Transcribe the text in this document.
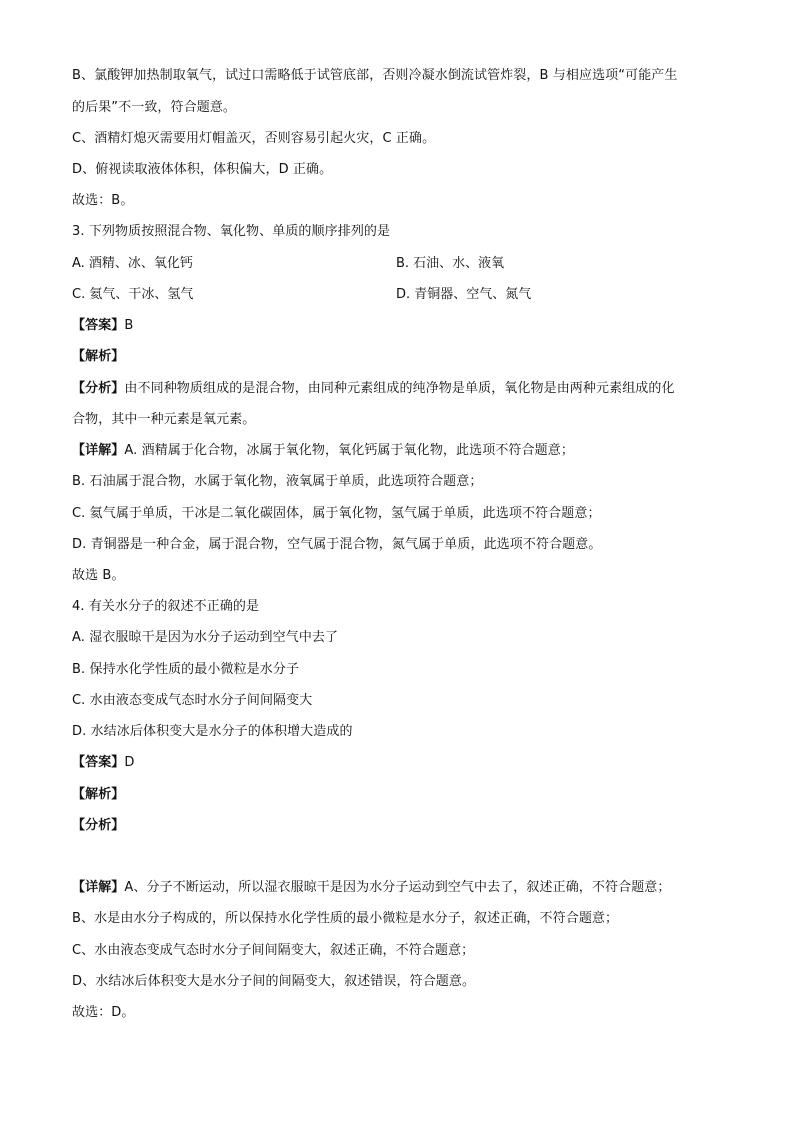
B、氯酸钾加热制取氧气，试过口需略低于试管底部，否则冷凝水倒流试管炸裂，B 与相应选项“可能产生
的后果”不一致，符合题意。
C、酒精灯熄灭需要用灯帽盖灭，否则容易引起火灾，C 正确。
D、俯视读取液体体积，体积偏大，D 正确。
故选：B。
3. 下列物质按照混合物、氧化物、单质的顺序排列的是
A. 酒精、冰、氧化钙	B. 石油、水、液氧
C. 氦气、干冰、氢气	D. 青铜器、空气、氮气
【答案】B
【解析】
【分析】由不同种物质组成的是混合物，由同种元素组成的纯净物是单质，氧化物是由两种元素组成的化
合物，其中一种元素是氧元素。
【详解】A. 酒精属于化合物，冰属于氧化物，氧化钙属于氧化物，此选项不符合题意；
B. 石油属于混合物，水属于氧化物，液氧属于单质，此选项符合题意；
C. 氦气属于单质，干冰是二氧化碳固体，属于氧化物，氢气属于单质，此选项不符合题意；
D. 青铜器是一种合金，属于混合物，空气属于混合物，氮气属于单质，此选项不符合题意。
故选 B。
4. 有关水分子的叙述不正确的是
A. 湿衣服晾干是因为水分子运动到空气中去了
B. 保持水化学性质的最小微粒是水分子
C. 水由液态变成气态时水分子间间隔变大
D. 水结冰后体积变大是水分子的体积增大造成的
【答案】D
【解析】
【分析】
【详解】A、分子不断运动，所以湿衣服晾干是因为水分子运动到空气中去了，叙述正确，不符合题意；
B、水是由水分子构成的，所以保持水化学性质的最小微粒是水分子，叙述正确，不符合题意；
C、水由液态变成气态时水分子间间隔变大，叙述正确，不符合题意；
D、水结冰后体积变大是水分子间的间隔变大，叙述错误，符合题意。
故选：D。
